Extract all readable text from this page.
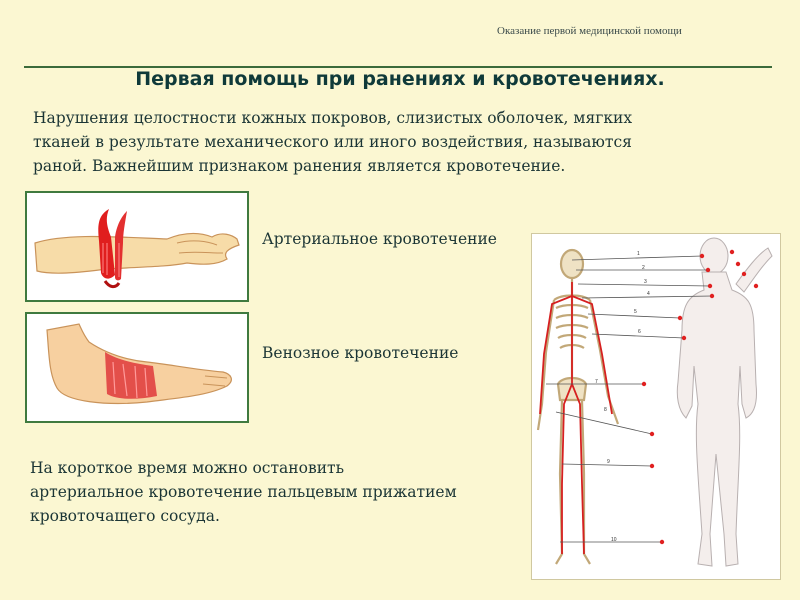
Оказание первой медицинской помощи
Первая помощь при ранениях и кровотечениях.
Нарушения целостности кожных покровов, слизистых оболочек, мягких
тканей в результате механического или иного воздействия, называются
раной. Важнейшим признаком ранения является кровотечение.
Артериальное кровотечение
Венозное кровотечение
На короткое время можно остановить
артериальное кровотечение пальцевым прижатием
кровоточащего сосуда.
1
2
3
4
5
6
7
8
9
10
